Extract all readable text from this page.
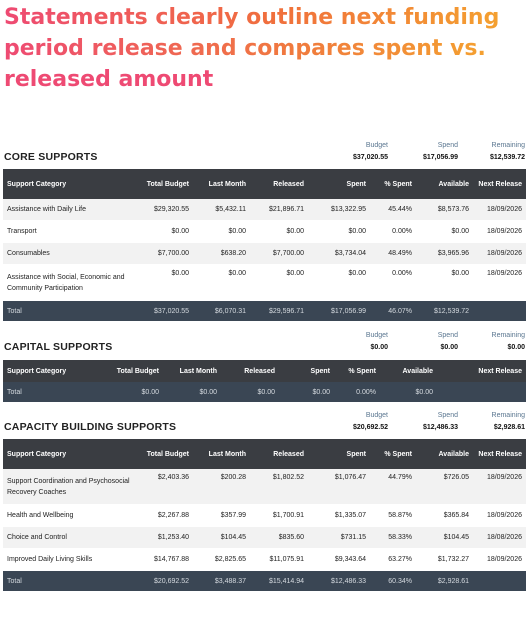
Statements clearly outline next funding
period release and compares spent vs.
released amount
CORE SUPPORTS
Budget
$37,020.55
Spend
$17,056.99
Remaining
$12,539.72
Support Category	Total Budget	Last Month	Released	Spent	% Spent	Available	Next Release
Assistance with Daily Life	$29,320.55	$5,432.11	$21,896.71	$13,322.95	45.44%	$8,573.76	18/09/2026
Transport	$0.00	$0.00	$0.00	$0.00	0.00%	$0.00	18/09/2026
Consumables	$7,700.00	$638.20	$7,700.00	$3,734.04	48.49%	$3,965.96	18/09/2026
Assistance with Social, Economic and Community Participation	$0.00	$0.00	$0.00	$0.00	0.00%	$0.00	18/09/2026
Total	$37,020.55	$6,070.31	$29,596.71	$17,056.99	46.07%	$12,539.72	
CAPITAL SUPPORTS
Budget
$0.00
Spend
$0.00
Remaining
$0.00
Support Category	Total Budget	Last Month	Released	Spent	% Spent	Available	Next Release
Total	$0.00	$0.00	$0.00	$0.00	0.00%	$0.00	
CAPACITY BUILDING SUPPORTS
Budget
$20,692.52
Spend
$12,486.33
Remaining
$2,928.61
Support Category	Total Budget	Last Month	Released	Spent	% Spent	Available	Next Release
Support Coordination and Psychosocial Recovery Coaches	$2,403.36	$200.28	$1,802.52	$1,076.47	44.79%	$726.05	18/09/2026
Health and Wellbeing	$2,267.88	$357.99	$1,700.91	$1,335.07	58.87%	$365.84	18/09/2026
Choice and Control	$1,253.40	$104.45	$835.60	$731.15	58.33%	$104.45	18/08/2026
Improved Daily Living Skills	$14,767.88	$2,825.65	$11,075.91	$9,343.64	63.27%	$1,732.27	18/09/2026
Total	$20,692.52	$3,488.37	$15,414.94	$12,486.33	60.34%	$2,928.61	
